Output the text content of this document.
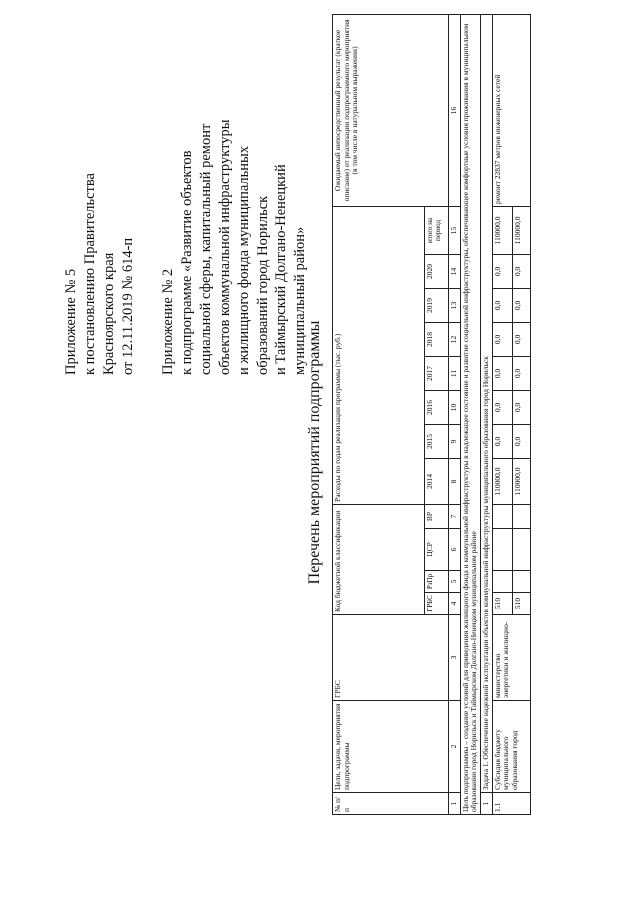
Приложение № 5 к постановлению Правительства Красноярского края от 12.11.2019 № 614-п Приложение № 2 к подпрограмме «Развитие объектов социальной сферы, капитальный ремонт объектов коммунальной инфраструктуры и жилищного фонда муниципальных образований город Норильск и Таймырский Долгано-Ненецкий муниципальный район»

Перечень мероприятий подпрограммы
№ п/п	Цели, задачи, мероприятия подпрограммы	ГРБС	Код бюджетной классификации				Расходы по годам реализации программы (тыс. руб.)								Ожидаемый непосредственный результат (краткое описание) от реализации подпрограммного мероприятия (в том числе в натуральном выражении)
			ГРБС	РзПр	ЦСР	ВР	2014	2015	2016	2017	2018	2019	2020	итого на период	
1	2	3	4	5	6	7	8	9	10	11	12	13	14	15	16
Цель подпрограммы – создание условий для приведения жилищного фонда и коммунальной инфраструктуры в надлежащее состояние и развитие социальной инфраструктуры, обеспечивающее комфортные условия проживания в муниципальном образовании город Норильск и Таймырском Долгано-Ненецком муниципальном районе															
1	Задача 1. Обеспечение надежной эксплуатации объектов коммунальной инфраструктуры муниципального образования город Норильск														
1.1	Субсидия бюджету муниципального образования город	министерство энергетики и жилищно-	510				110000,0	0,0	0,0	0,0	0,0	0,0	0,0	110000,0	ремонт 22837 метров инженерных сетей
			510				110000,0	0,0	0,0	0,0	0,0	0,0	0,0	110000,0	
